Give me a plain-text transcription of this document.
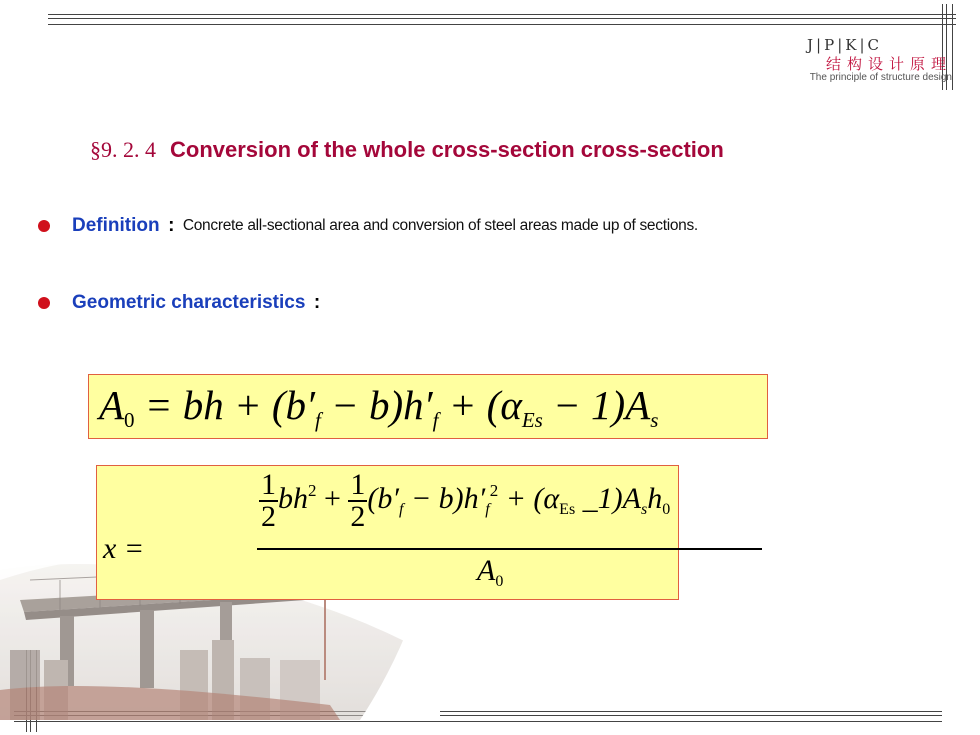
J|P|K|C
结构设计原理
The principle of structure design
§9. 2. 4 Conversion of the whole cross-section cross-section
Definition : Concrete all-sectional area and conversion of steel areas made up of sections.
Geometric characteristics :
$A_0$ = bh + $(b'_f - b)h'_f + (\alpha_{Es} - 1)A_s$
x =
$\frac{1}{2} bh^2 + \frac{1}{2} (b'_f - b)h'_f^2 + (\alpha_{Es}$ $\_1)A_sh_0$
$A_0$
